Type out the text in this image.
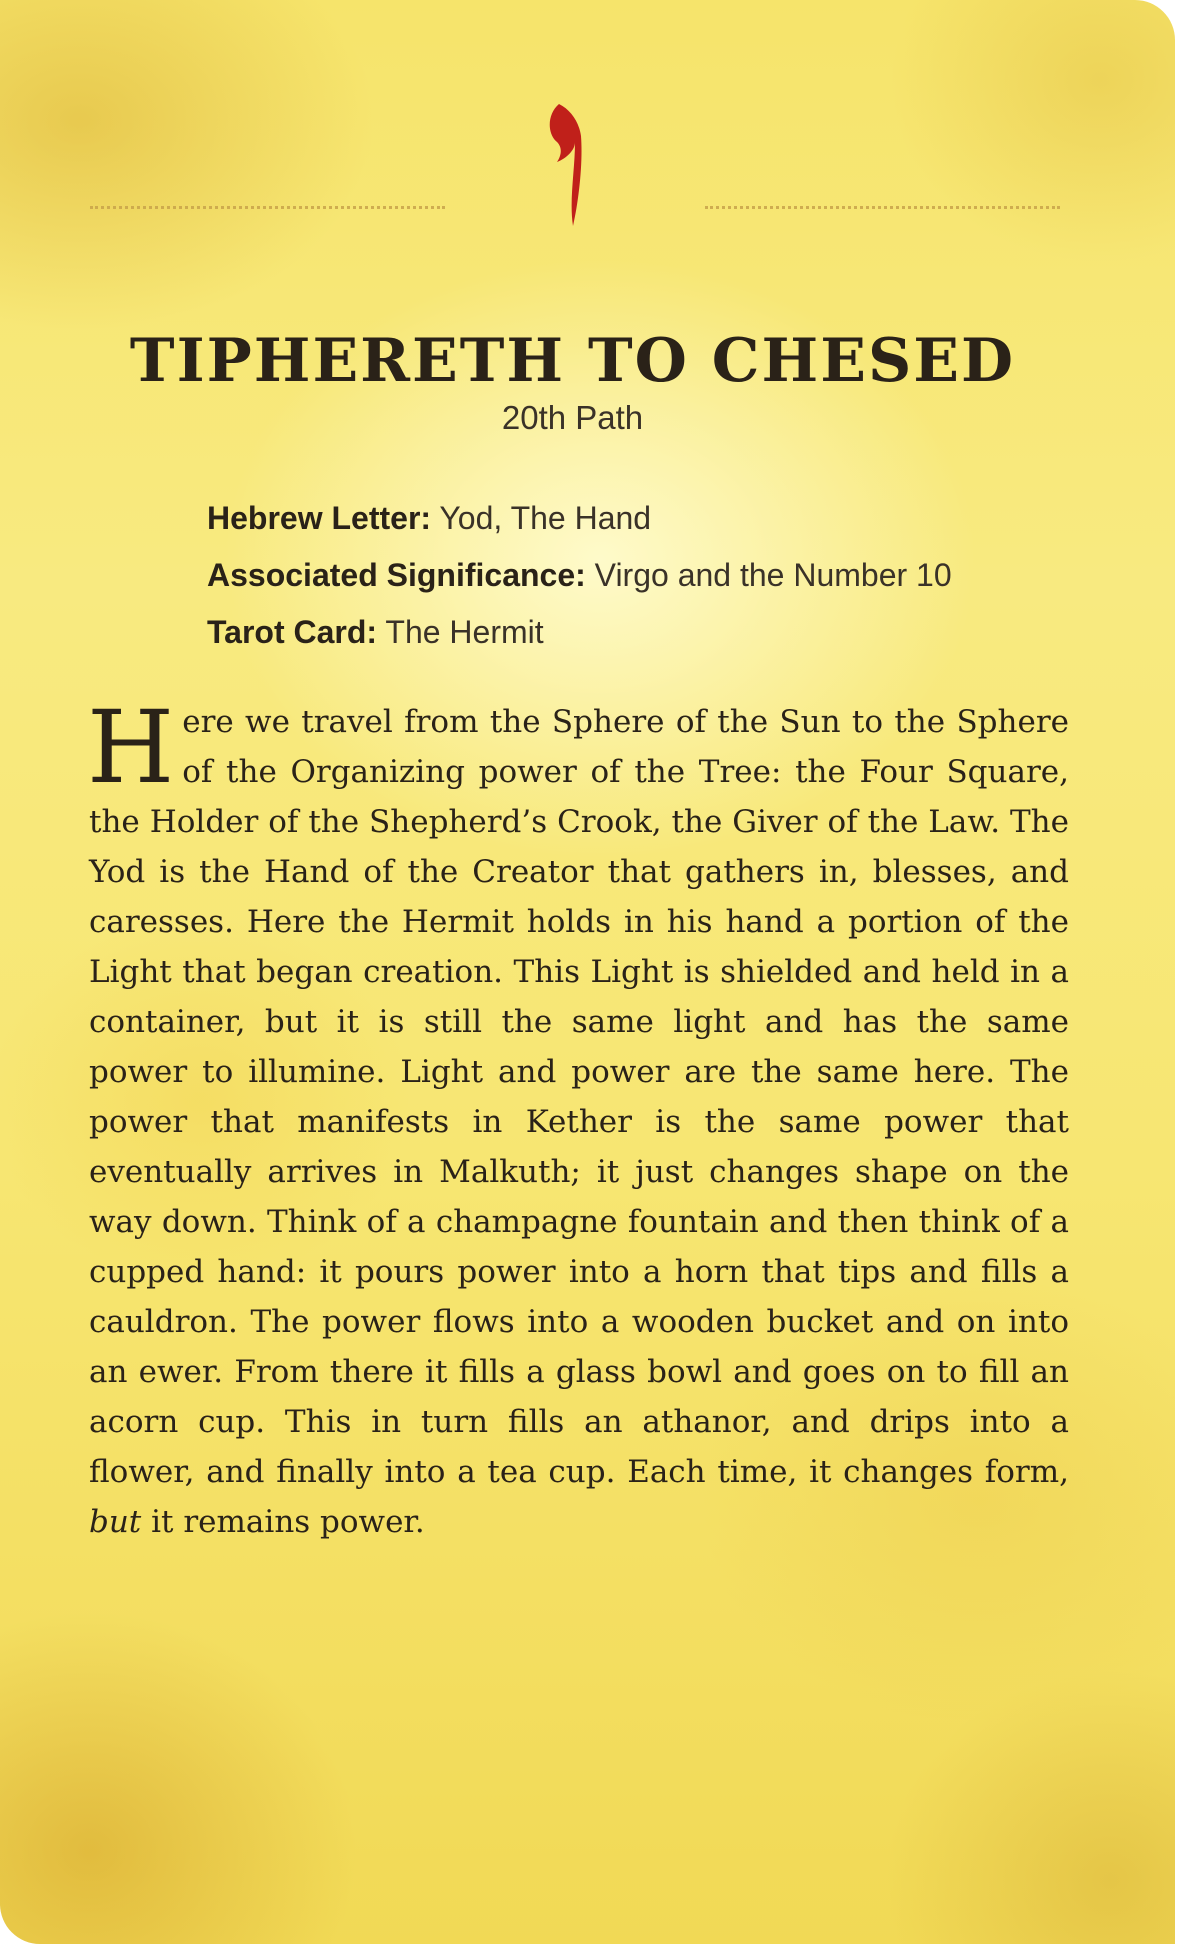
TIPHERETH TO CHESED
20th Path
Hebrew Letter: Yod, The Hand
Associated Significance: Virgo and the Number 10
Tarot Card: The Hermit

Here we travel from the Sphere of the Sun to the Sphere of the Organizing power of the Tree: the Four Square, the Holder of the Shepherd’s Crook, the Giver of the Law. The Yod is the Hand of the Creator that gathers in, blesses, and caresses. Here the Hermit holds in his hand a portion of the Light that began creation. This Light is shielded and held in a container, but it is still the same light and has the same power to illumine. Light and power are the same here. The power that manifests in Kether is the same power that eventually arrives in Malkuth; it just changes shape on the way down. Think of a champagne fountain and then think of a cupped hand: it pours power into a horn that tips and fills a cauldron. The power flows into a wooden bucket and on into an ewer. From there it fills a glass bowl and goes on to fill an acorn cup. This in turn fills an athanor, and drips into a flower, and finally into a tea cup. Each time, it changes form, but it remains power.
